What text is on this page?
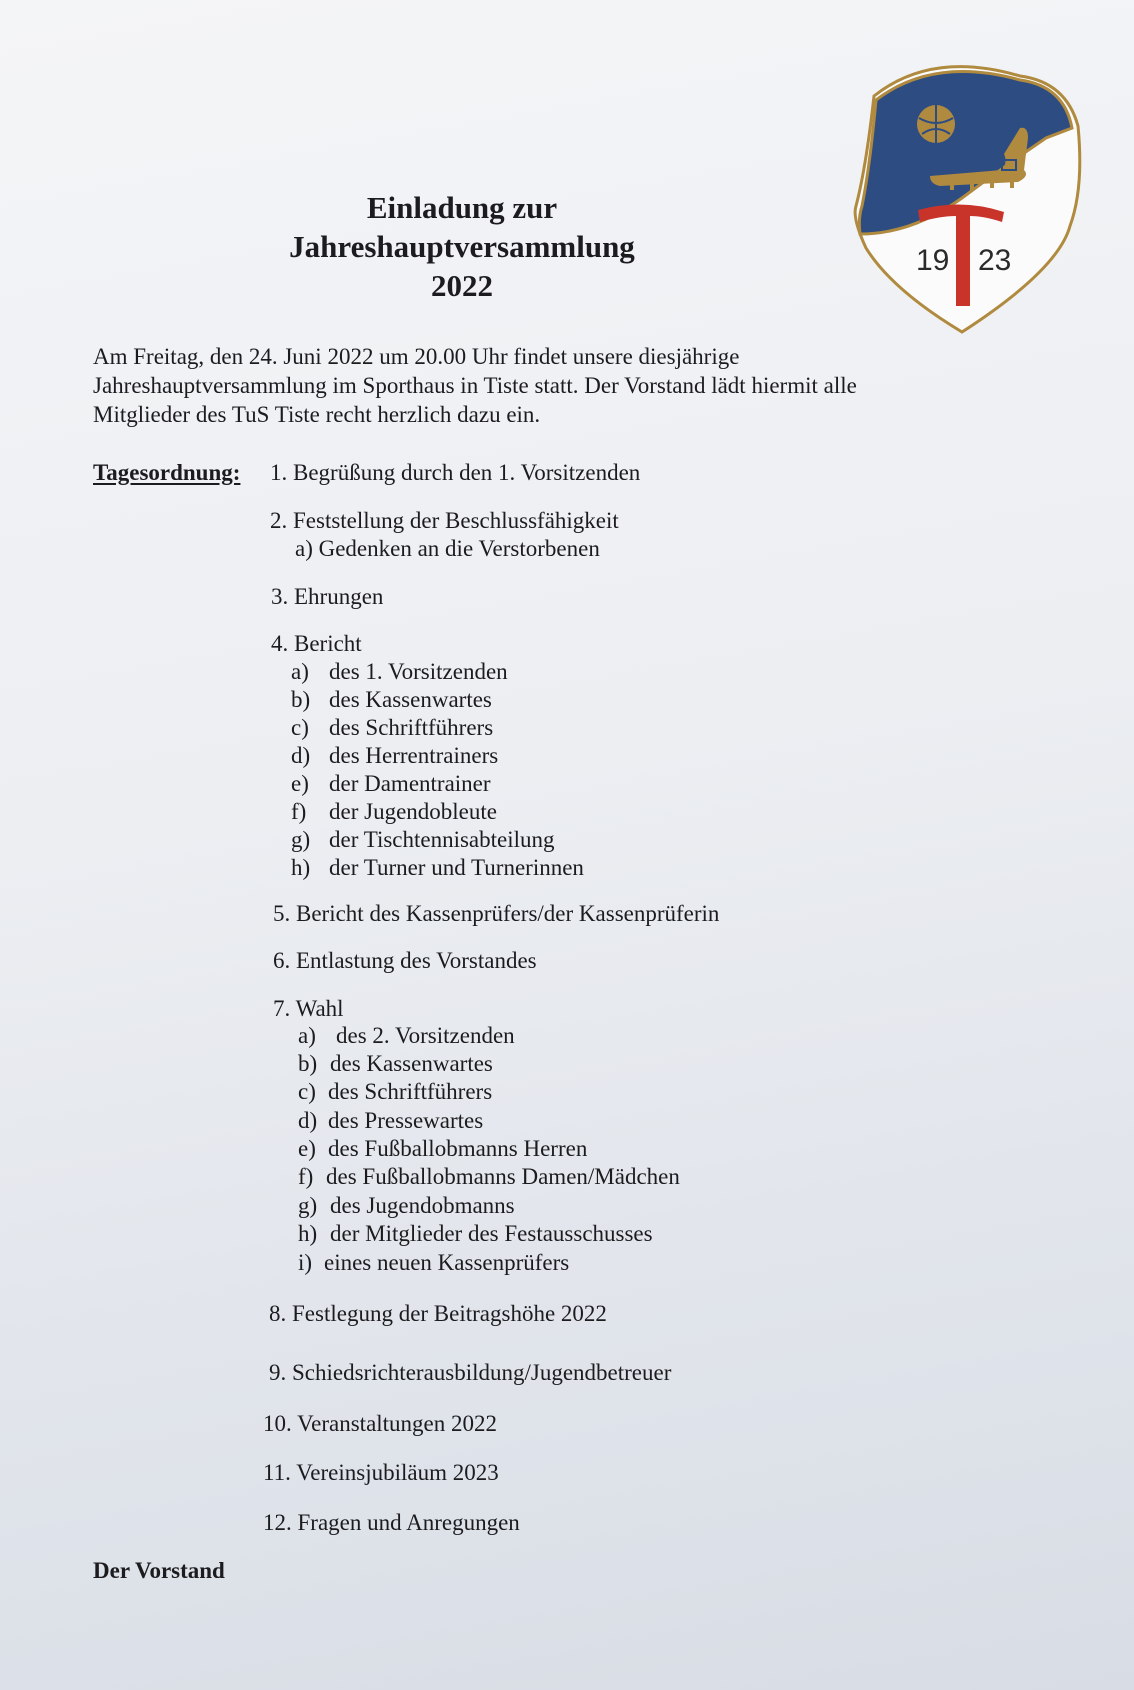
Einladung zur
Jahreshauptversammlung
2022
19 23
Am Freitag, den 24. Juni 2022 um 20.00 Uhr findet unsere diesjährige
Jahreshauptversammlung im Sporthaus in Tiste statt. Der Vorstand lädt hiermit alle
Mitglieder des TuS Tiste recht herzlich dazu ein.
Tagesordnung: 1. Begrüßung durch den 1. Vorsitzenden
2. Feststellung der Beschlussfähigkeit
a) Gedenken an die Verstorbenen
3. Ehrungen
4. Bericht
a) des 1. Vorsitzenden
b) des Kassenwartes
c) des Schriftführers
d) des Herrentrainers
e) der Damentrainer
f) der Jugendobleute
g) der Tischtennisabteilung
h) der Turner und Turnerinnen
5. Bericht des Kassenprüfers/der Kassenprüferin
6. Entlastung des Vorstandes
7. Wahl
a) des 2. Vorsitzenden
b) des Kassenwartes
c) des Schriftführers
d) des Pressewartes
e) des Fußballobmanns Herren
f) des Fußballobmanns Damen/Mädchen
g) des Jugendobmanns
h) der Mitglieder des Festausschusses
i) eines neuen Kassenprüfers
8. Festlegung der Beitragshöhe 2022
9. Schiedsrichterausbildung/Jugendbetreuer
10. Veranstaltungen 2022
11. Vereinsjubiläum 2023
12. Fragen und Anregungen
Der Vorstand
